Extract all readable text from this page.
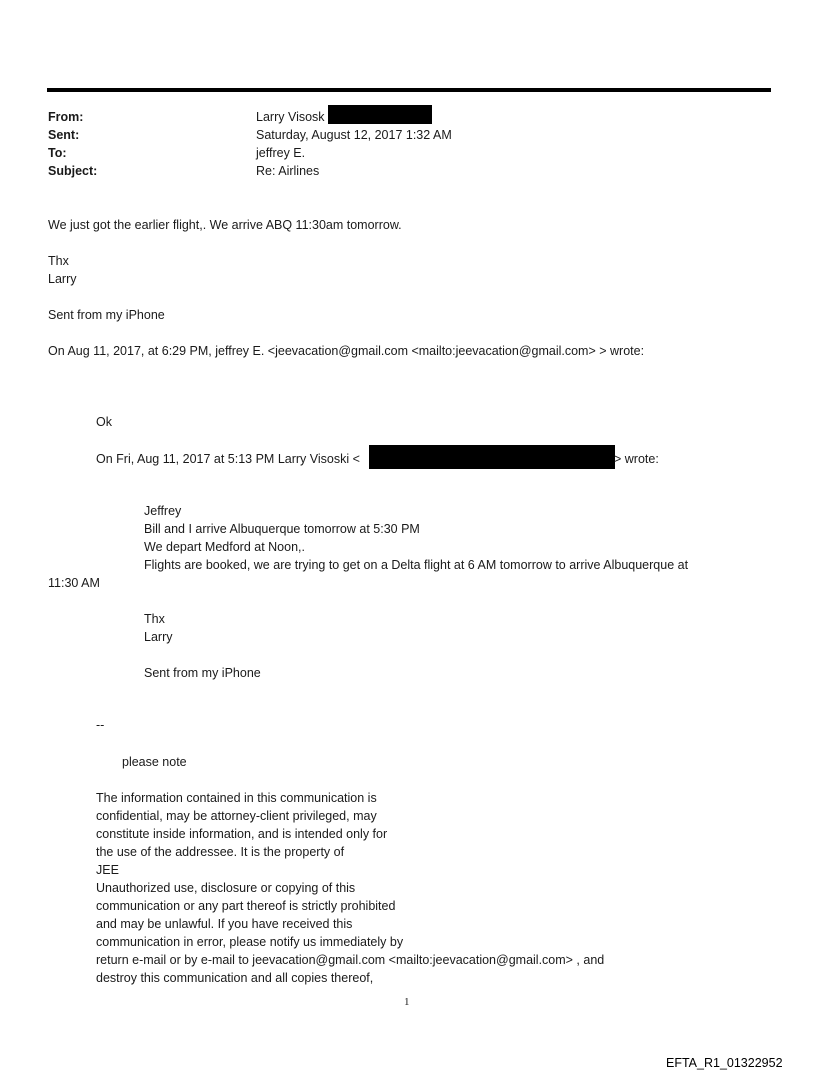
From:	Larry Visosk
Sent:	Saturday, August 12, 2017 1:32 AM
To:	jeffrey E.
Subject:	Re: Airlines
We just got the earlier flight,. We arrive ABQ 11:30am tomorrow.
Thx
Larry
Sent from my iPhone
On Aug 11, 2017, at 6:29 PM, jeffrey E. <jeevacation@gmail.com <mailto:jeevacation@gmail.com> > wrote:
Ok
On Fri, Aug 11, 2017 at 5:13 PM Larry Visoski <	> wrote:
Jeffrey
Bill and I arrive Albuquerque tomorrow at 5:30 PM
We depart Medford at Noon,.
Flights are booked, we are trying to get on a Delta flight at 6 AM tomorrow to arrive Albuquerque at
11:30 AM
Thx
Larry
Sent from my iPhone
--
please note
The information contained in this communication is
confidential, may be attorney-client privileged, may
constitute inside information, and is intended only for
the use of the addressee. It is the property of
JEE
Unauthorized use, disclosure or copying of this
communication or any part thereof is strictly prohibited
and may be unlawful. If you have received this
communication in error, please notify us immediately by
return e-mail or by e-mail to jeevacation@gmail.com <mailto:jeevacation@gmail.com> , and
destroy this communication and all copies thereof,
1
EFTA_R1_01322952
